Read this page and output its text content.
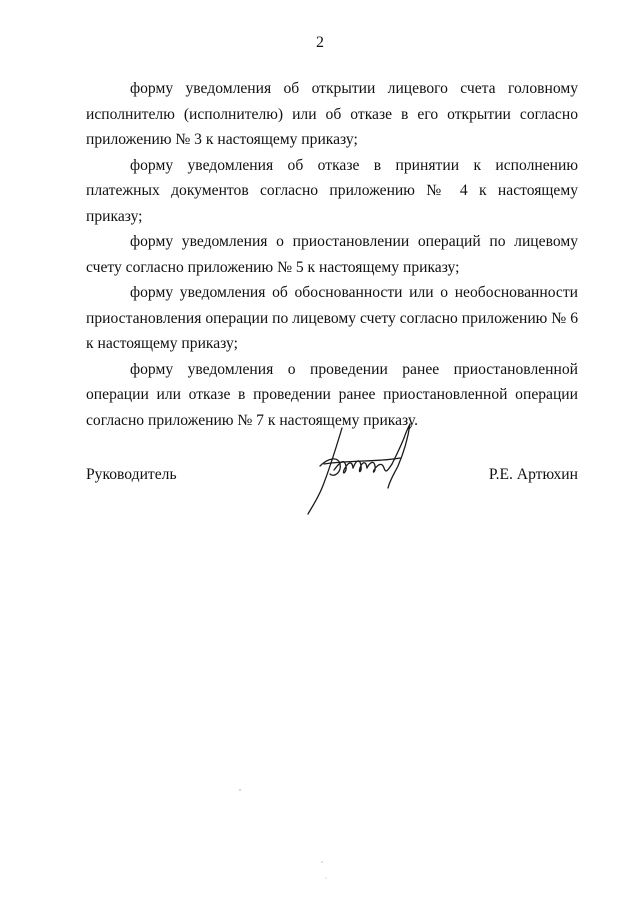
2

форму уведомления об открытии лицевого счета головному исполнителю (исполнителю) или об отказе в его открытии согласно приложению № 3 к настоящему приказу;

форму уведомления об отказе в принятии к исполнению платежных документов согласно приложению № 4 к настоящему приказу;

форму уведомления о приостановлении операций по лицевому счету согласно приложению № 5 к настоящему приказу;

форму уведомления об обоснованности или о необоснованности приостановления операции по лицевому счету согласно приложению № 6 к настоящему приказу;

форму уведомления о проведении ранее приостановленной операции или отказе в проведении ранее приостановленной операции согласно приложению № 7 к настоящему приказу.

Руководитель	Р.Е. Артюхин
